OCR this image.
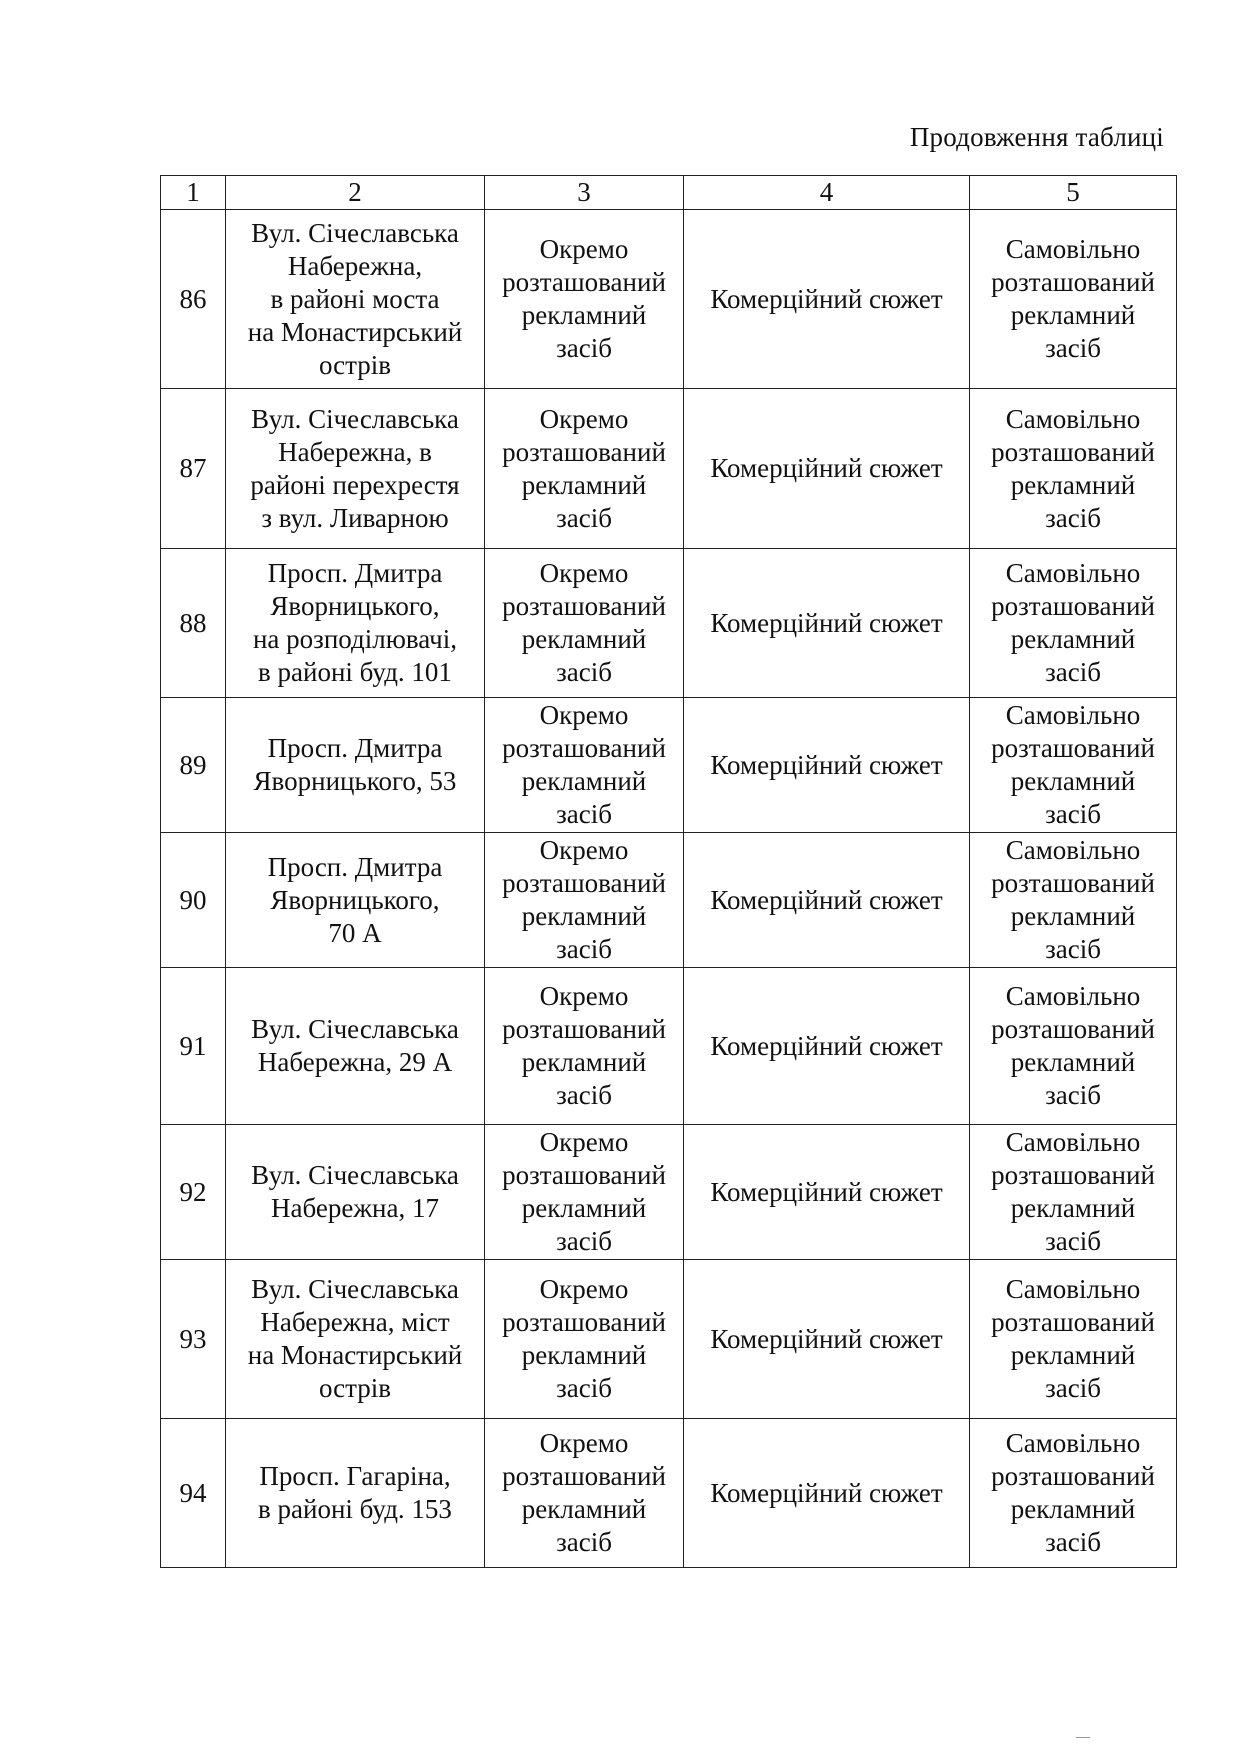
Продовження таблиці
1	2	3	4	5
86	Вул. Січеславська
Набережна,
в районі моста
на Монастирський
острів	Окремо
розташований
рекламний
засіб	Комерційний сюжет	Самовільно
розташований
рекламний
засіб
87	Вул. Січеславська
Набережна, в
районі перехрестя
з вул. Ливарною	Окремо
розташований
рекламний
засіб	Комерційний сюжет	Самовільно
розташований
рекламний
засіб
88	Просп. Дмитра
Яворницького,
на розподілювачі,
в районі буд. 101	Окремо
розташований
рекламний
засіб	Комерційний сюжет	Самовільно
розташований
рекламний
засіб
89	Просп. Дмитра
Яворницького, 53	Окремо
розташований
рекламний
засіб	Комерційний сюжет	Самовільно
розташований
рекламний
засіб
90	Просп. Дмитра
Яворницького,
70 А	Окремо
розташований
рекламний
засіб	Комерційний сюжет	Самовільно
розташований
рекламний
засіб
91	Вул. Січеславська
Набережна, 29 А	Окремо
розташований
рекламний
засіб	Комерційний сюжет	Самовільно
розташований
рекламний
засіб
92	Вул. Січеславська
Набережна, 17	Окремо
розташований
рекламний
засіб	Комерційний сюжет	Самовільно
розташований
рекламний
засіб
93	Вул. Січеславська
Набережна, міст
на Монастирський
острів	Окремо
розташований
рекламний
засіб	Комерційний сюжет	Самовільно
розташований
рекламний
засіб
94	Просп. Гагаріна,
в районі буд. 153	Окремо
розташований
рекламний
засіб	Комерційний сюжет	Самовільно
розташований
рекламний
засіб
